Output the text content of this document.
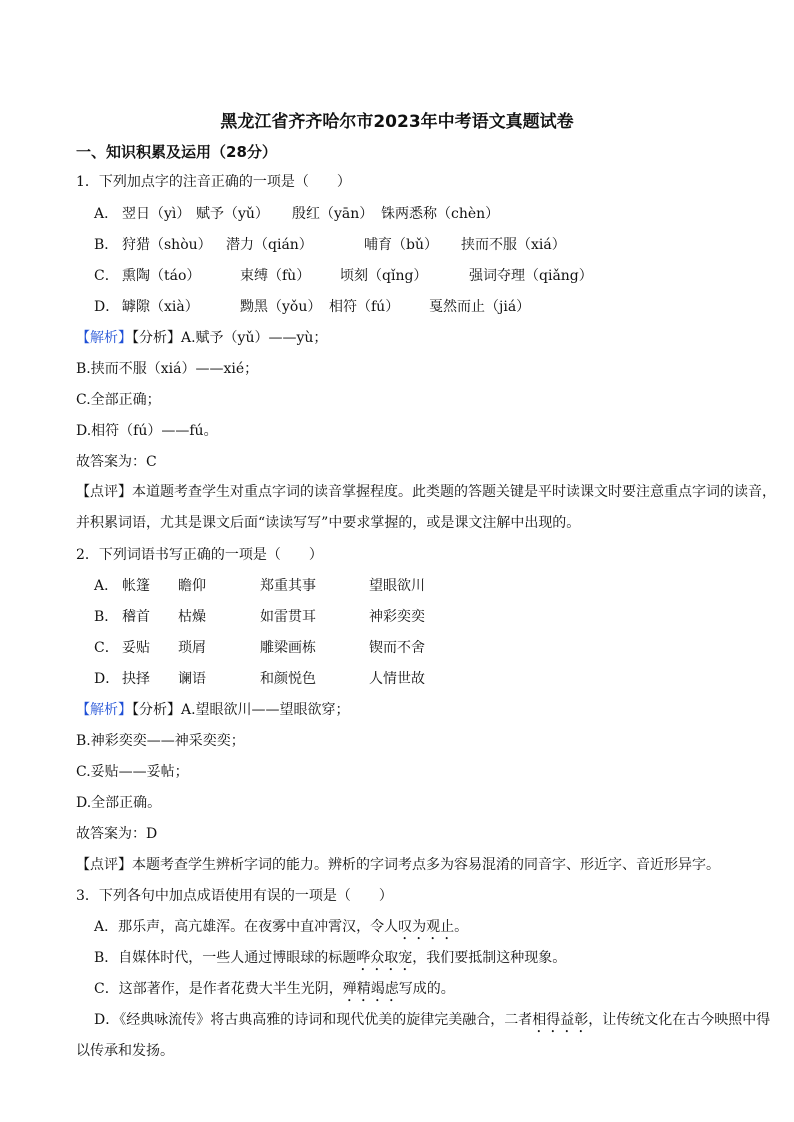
黑龙江省齐齐哈尔市2023年中考语文真题试卷
一、知识积累及运用（28分）
1．下列加点字的注音正确的一项是（　　）
A． 翌日（yì） 赋予（yǔ） 殷红（yān） 铢两悉称（chèn）
B． 狩猎（shòu） 潜力（qián）	哺育（bǔ） 挟而不服（xiá）
C． 熏陶（táo）	束缚（fù） 顷刻（qǐng）	强词夺理（qiǎng）
D． 罅隙（xià）	黝黑（yǒu） 相符（fú） 戛然而止（jiá）
【解析】【分析】A.赋予（yǔ）——yù；
B.挟而不服（xiá）——xié；
C.全部正确；
D.相符（fú）——fú。
故答案为：C
【点评】本道题考查学生对重点字词的读音掌握程度。此类题的答题关键是平时读课文时要注意重点字词的读音，并积累词语，尤其是课文后面“读读写写”中要求掌握的，或是课文注解中出现的。
2．下列词语书写正确的一项是（　　）
A． 帐篷 瞻仰	郑重其事	望眼欲川
B． 稽首 枯燥	如雷贯耳	神彩奕奕
C． 妥贴 琐屑	雕梁画栋	锲而不舍
D． 抉择 谰语	和颜悦色	人情世故
【解析】【分析】A.望眼欲川——望眼欲穿；
B.神彩奕奕——神采奕奕；
C.妥贴——妥帖；
D.全部正确。
故答案为：D
【点评】本题考查学生辨析字词的能力。辨析的字词考点多为容易混淆的同音字、形近字、音近形异字。
3．下列各句中加点成语使用有误的一项是（　　）
A．那乐声，高亢雄浑。在夜雾中直冲霄汉，令人叹为观止。
B．自媒体时代，一些人通过博眼球的标题哗众取宠，我们要抵制这种现象。
C．这部著作，是作者花费大半生光阴，殚精竭虑写成的。
D．《经典咏流传》将古典高雅的诗词和现代优美的旋律完美融合，二者相得益彰，让传统文化在古今映照中得以传承和发扬。
